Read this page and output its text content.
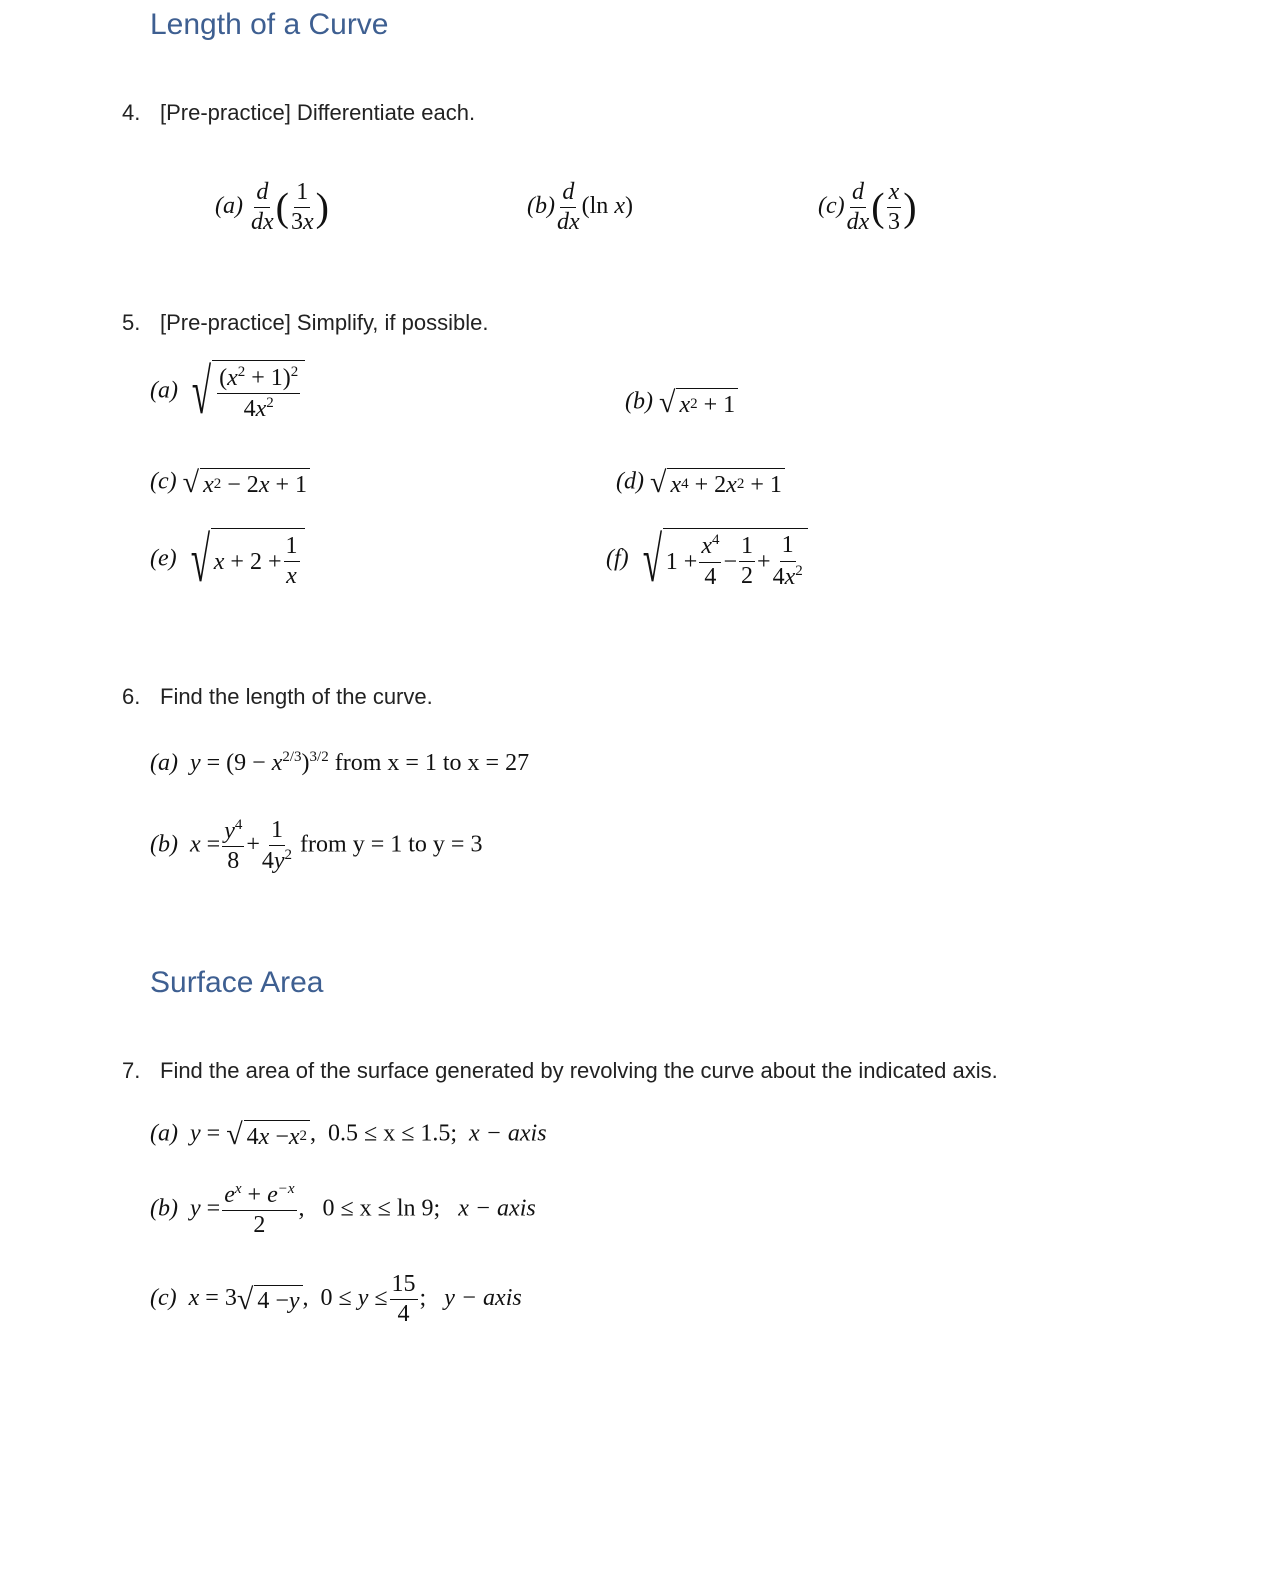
Length of a Curve
4. [Pre-practice] Differentiate each.
$(a) \frac{d}{dx}$ ( $\frac{1}{3x}$ )	$(b) \frac{d}{dx} (\ln$ x)	$(c) \frac{d}{dx}$ ( $\frac{x}{3}$ )
5. [Pre-practice] Simplify, if possible.
(a) √ $\frac{(x^2 + 1)^2}{4x^2}$	(b) √ x 2 + 1
(c) √ x 2 − 2 x + 1	(d) √ x 4 + 2 x 2 + 1
(e) √ $x + 2 + \frac{1}{x}$	(f) √ $1 + \frac{x^4}{4} - \frac{1}{2} + \frac{1}{4x^2}$
6. Find the length of the curve.
(a) $y = (9 - x^{2/3})^{3/2}$ from x = 1 to x = 27
(b) $x = \frac{y^4}{8} + \frac{1}{4y^2}$ from y = 1 to y = 3
Surface Area
7. Find the area of the surface generated by revolving the curve about the indicated axis.
(a) y = √ 4 x − x 2 ,  0.5 ≤ x ≤ 1.5; x − axis
(b) $y = \frac{e^x + e^{-x}}{2}$ ,   0 ≤ x ≤ ln 9; x − axis
(c) x = 3 √ 4 − y ,  $0 \le y \le \frac{15}{4}$ ;   y − axis
